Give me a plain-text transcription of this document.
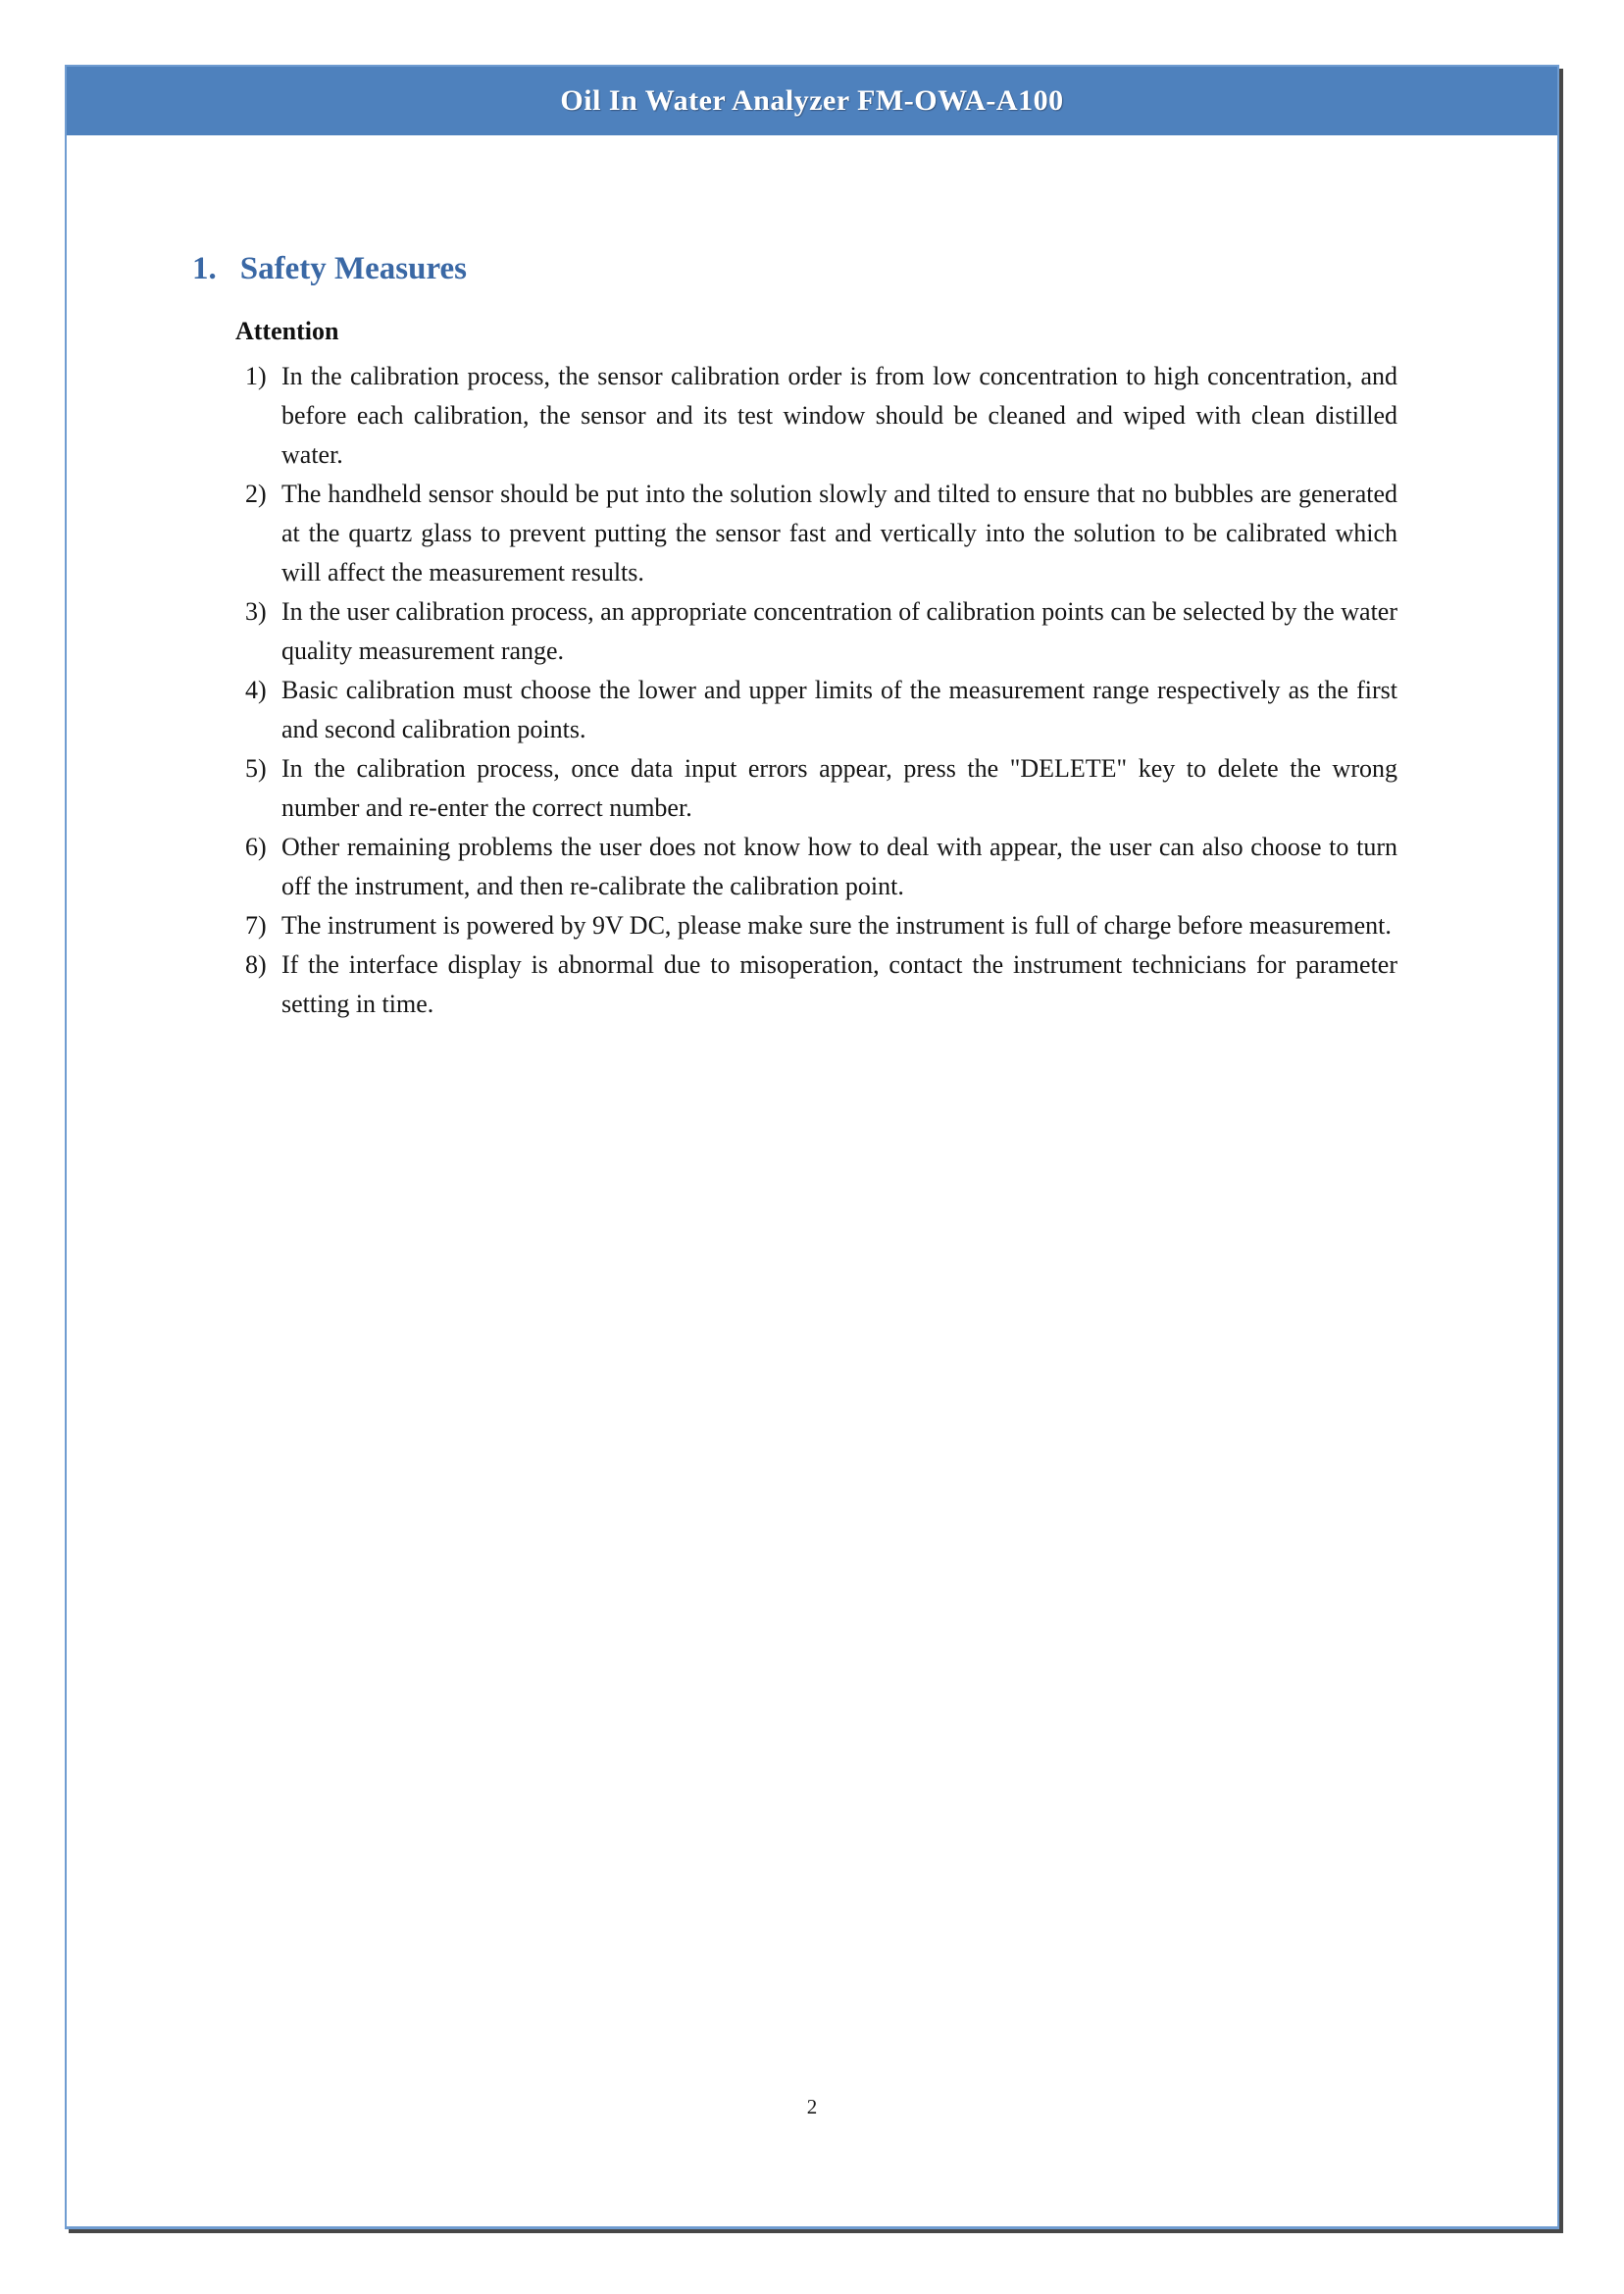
Oil In Water Analyzer FM-OWA-A100
1. Safety Measures
Attention
1) In the calibration process, the sensor calibration order is from low concentration to high concentration, and before each calibration, the sensor and its test window should be cleaned and wiped with clean distilled water.
2) The handheld sensor should be put into the solution slowly and tilted to ensure that no bubbles are generated at the quartz glass to prevent putting the sensor fast and vertically into the solution to be calibrated which will affect the measurement results.
3) In the user calibration process, an appropriate concentration of calibration points can be selected by the water quality measurement range.
4) Basic calibration must choose the lower and upper limits of the measurement range respectively as the first and second calibration points.
5) In the calibration process, once data input errors appear, press the "DELETE" key to delete the wrong number and re-enter the correct number.
6) Other remaining problems the user does not know how to deal with appear, the user can also choose to turn off the instrument, and then re-calibrate the calibration point.
7) The instrument is powered by 9V DC, please make sure the instrument is full of charge before measurement.
8) If the interface display is abnormal due to misoperation, contact the instrument technicians for parameter setting in time.
2
